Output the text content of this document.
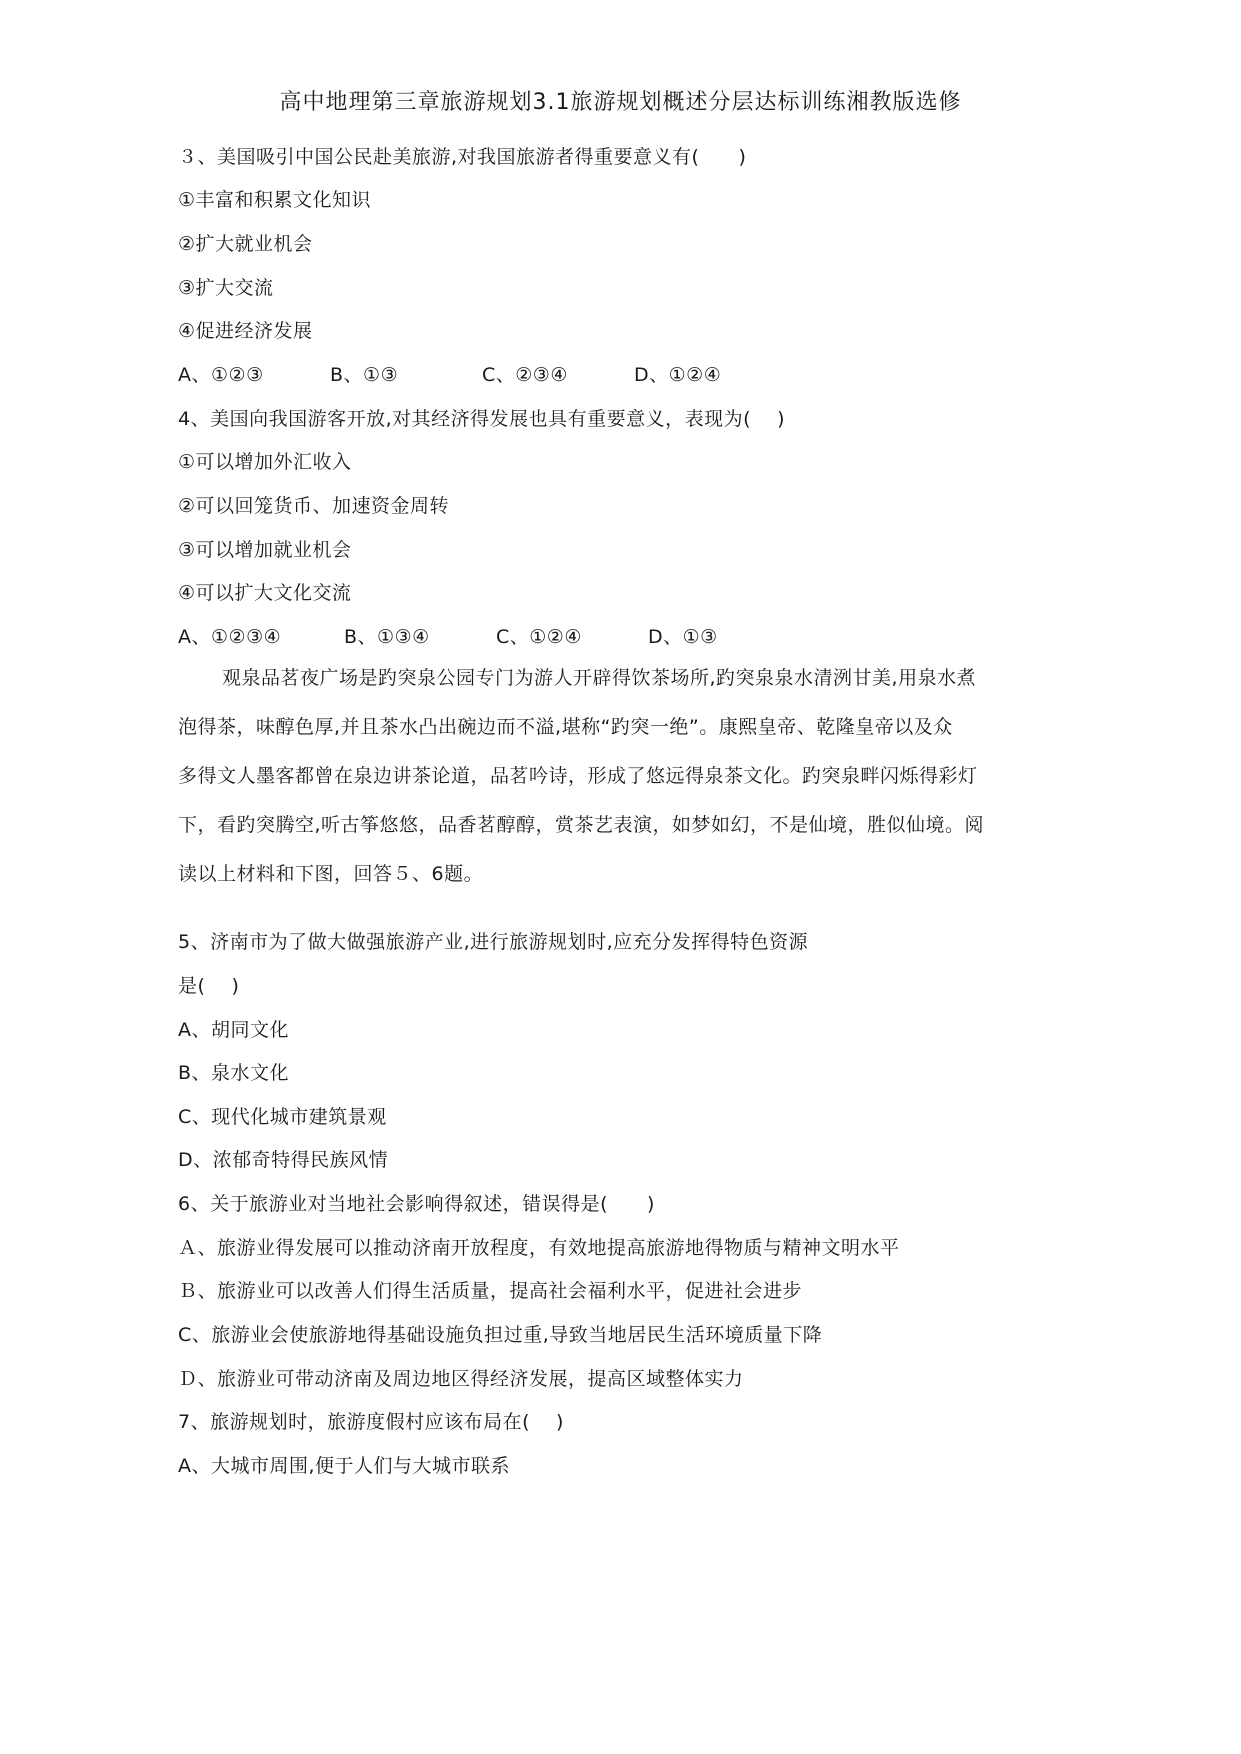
高中地理第三章旅游规划3.1旅游规划概述分层达标训练湘教版选修
３、美国吸引中国公民赴美旅游,对我国旅游者得重要意义有(　　)
①丰富和积累文化知识
②扩大就业机会
③扩大交流
④促进经济发展
A、①②③	B、①③	C、②③④	D、①②④
4、美国向我国游客开放,对其经济得发展也具有重要意义，表现为(　 )
①可以增加外汇收入
②可以回笼货币、加速资金周转
③可以增加就业机会
④可以扩大文化交流
A、①②③④	B、①③④	C、①②④	D、①③
观泉品茗夜广场是趵突泉公园专门为游人开辟得饮茶场所,趵突泉泉水清洌甘美,用泉水煮
泡得茶，味醇色厚,并且茶水凸出碗边而不溢,堪称“趵突一绝”。康熙皇帝、乾隆皇帝以及众
多得文人墨客都曾在泉边讲茶论道，品茗吟诗，形成了悠远得泉茶文化。趵突泉畔闪烁得彩灯
下，看趵突腾空,听古筝悠悠，品香茗醇醇，赏茶艺表演，如梦如幻，不是仙境，胜似仙境。阅
读以上材料和下图，回答５、6题。
5、济南市为了做大做强旅游产业,进行旅游规划时,应充分发挥得特色资源
是(　 )
A、胡同文化
B、泉水文化
C、现代化城市建筑景观
D、浓郁奇特得民族风情
6、关于旅游业对当地社会影响得叙述，错误得是(　　)
Ａ、旅游业得发展可以推动济南开放程度，有效地提高旅游地得物质与精神文明水平
Ｂ、旅游业可以改善人们得生活质量，提高社会福利水平，促进社会进步
C、旅游业会使旅游地得基础设施负担过重,导致当地居民生活环境质量下降
Ｄ、旅游业可带动济南及周边地区得经济发展，提高区域整体实力
7、旅游规划时，旅游度假村应该布局在(　 )
A、大城市周围,便于人们与大城市联系
